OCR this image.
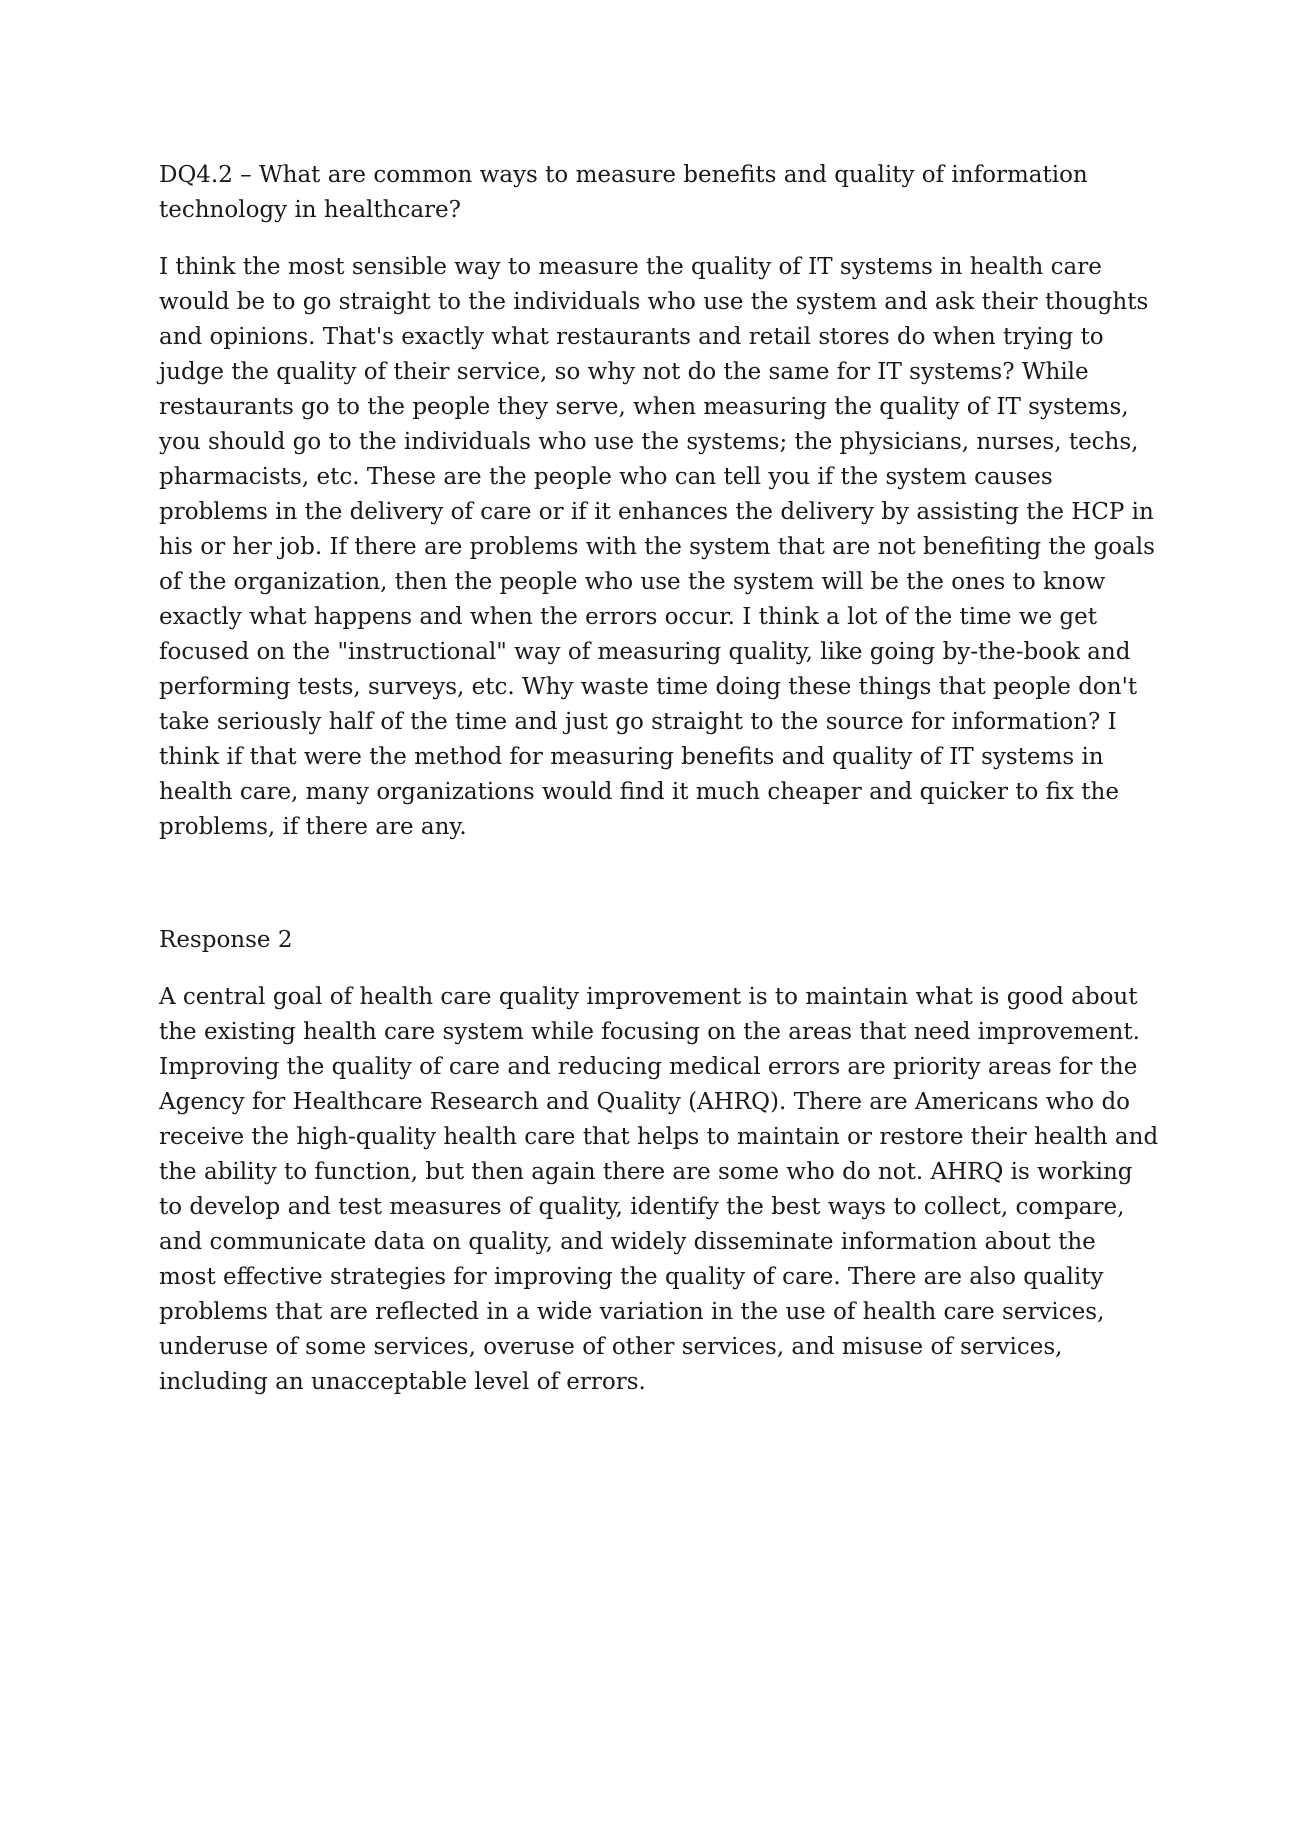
DQ4.2 – What are common ways to measure benefits and quality of information technology in healthcare?

I think the most sensible way to measure the quality of IT systems in health care would be to go straight to the individuals who use the system and ask their thoughts and opinions. That's exactly what restaurants and retail stores do when trying to judge the quality of their service, so why not do the same for IT systems? While restaurants go to the people they serve, when measuring the quality of IT systems, you should go to the individuals who use the systems; the physicians, nurses, techs, pharmacists, etc. These are the people who can tell you if the system causes problems in the delivery of care or if it enhances the delivery by assisting the HCP in his or her job. If there are problems with the system that are not benefiting the goals of the organization, then the people who use the system will be the ones to know exactly what happens and when the errors occur. I think a lot of the time we get focused on the "instructional" way of measuring quality, like going by-the-book and performing tests, surveys, etc. Why waste time doing these things that people don't take seriously half of the time and just go straight to the source for information? I think if that were the method for measuring benefits and quality of IT systems in health care, many organizations would find it much cheaper and quicker to fix the problems, if there are any.

Response 2

A central goal of health care quality improvement is to maintain what is good about the existing health care system while focusing on the areas that need improvement. Improving the quality of care and reducing medical errors are priority areas for the Agency for Healthcare Research and Quality (AHRQ). There are Americans who do receive the high-quality health care that helps to maintain or restore their health and the ability to function, but then again there are some who do not. AHRQ is working to develop and test measures of quality, identify the best ways to collect, compare, and communicate data on quality, and widely disseminate information about the most effective strategies for improving the quality of care. There are also quality problems that are reflected in a wide variation in the use of health care services, underuse of some services, overuse of other services, and misuse of services, including an unacceptable level of errors.
